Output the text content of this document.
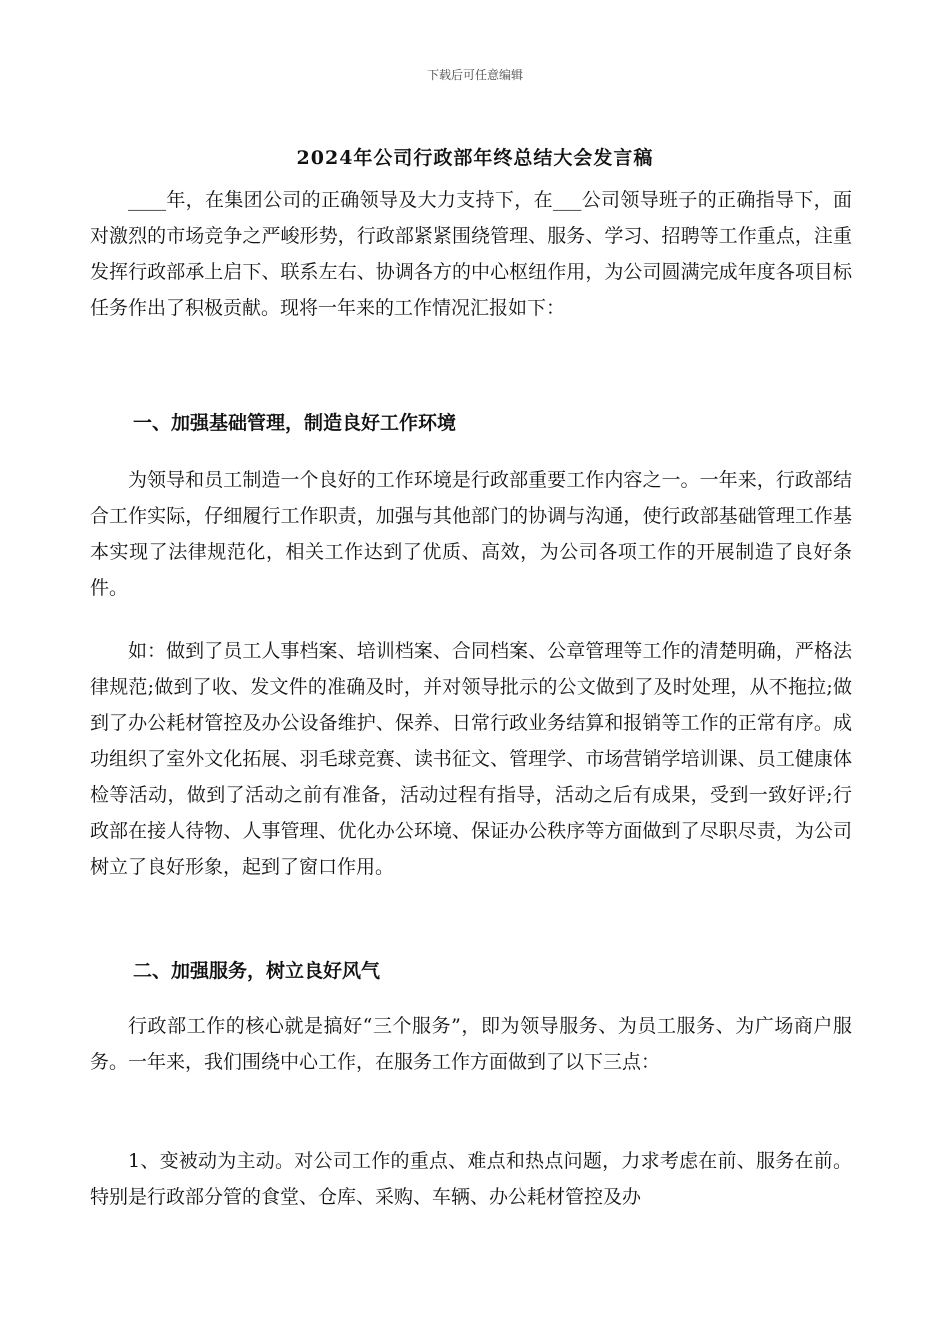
下载后可任意编辑
2024年公司行政部年终总结大会发言稿

____年，在集团公司的正确领导及大力支持下，在___公司领导班子的正确指导下，面对激烈的市场竞争之严峻形势，行政部紧紧围绕管理、服务、学习、招聘等工作重点，注重发挥行政部承上启下、联系左右、协调各方的中心枢纽作用，为公司圆满完成年度各项目标任务作出了积极贡献。现将一年来的工作情况汇报如下：

一、加强基础管理，制造良好工作环境

为领导和员工制造一个良好的工作环境是行政部重要工作内容之一。一年来，行政部结合工作实际，仔细履行工作职责，加强与其他部门的协调与沟通，使行政部基础管理工作基本实现了法律规范化，相关工作达到了优质、高效，为公司各项工作的开展制造了良好条件。

如：做到了员工人事档案、培训档案、合同档案、公章管理等工作的清楚明确，严格法律规范;做到了收、发文件的准确及时，并对领导批示的公文做到了及时处理，从不拖拉;做到了办公耗材管控及办公设备维护、保养、日常行政业务结算和报销等工作的正常有序。成功组织了室外文化拓展、羽毛球竞赛、读书征文、管理学、市场营销学培训课、员工健康体检等活动，做到了活动之前有准备，活动过程有指导，活动之后有成果，受到一致好评;行政部在接人待物、人事管理、优化办公环境、保证办公秩序等方面做到了尽职尽责，为公司树立了良好形象，起到了窗口作用。

二、加强服务，树立良好风气

行政部工作的核心就是搞好“三个服务”，即为领导服务、为员工服务、为广场商户服务。一年来，我们围绕中心工作，在服务工作方面做到了以下三点：

1、变被动为主动。对公司工作的重点、难点和热点问题，力求考虑在前、服务在前。特别是行政部分管的食堂、仓库、采购、车辆、办公耗材管控及办
